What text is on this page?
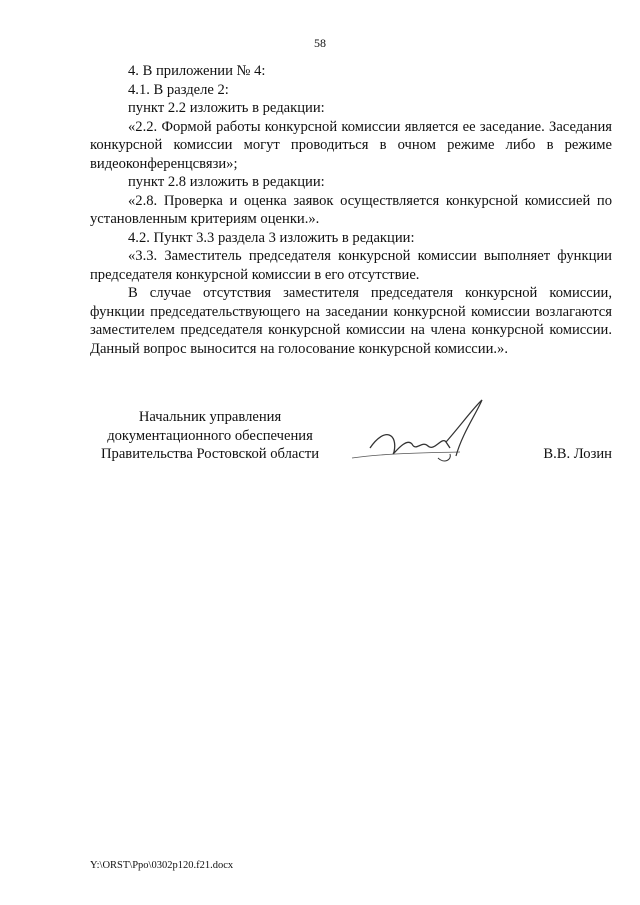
58

4. В приложении № 4:

4.1. В разделе 2:

пункт 2.2 изложить в редакции:

«2.2. Формой работы конкурсной комиссии является ее заседание. Заседания конкурсной комиссии могут проводиться в очном режиме либо в режиме видеоконференцсвязи»;

пункт 2.8 изложить в редакции:

«2.8. Проверка и оценка заявок осуществляется конкурсной комиссией по установленным критериям оценки.».

4.2. Пункт 3.3 раздела 3 изложить в редакции:

«3.3. Заместитель председателя конкурсной комиссии выполняет функции председателя конкурсной комиссии в его отсутствие.

В случае отсутствия заместителя председателя конкурсной комиссии, функции председательствующего на заседании конкурсной комиссии возлагаются заместителем председателя конкурсной комиссии на члена конкурсной комиссии. Данный вопрос выносится на голосование конкурсной комиссии.».

Начальник управления
документационного обеспечения
Правительства Ростовской области	В.В. Лозин
Y:\ORST\Ppo\0302p120.f21.docx
